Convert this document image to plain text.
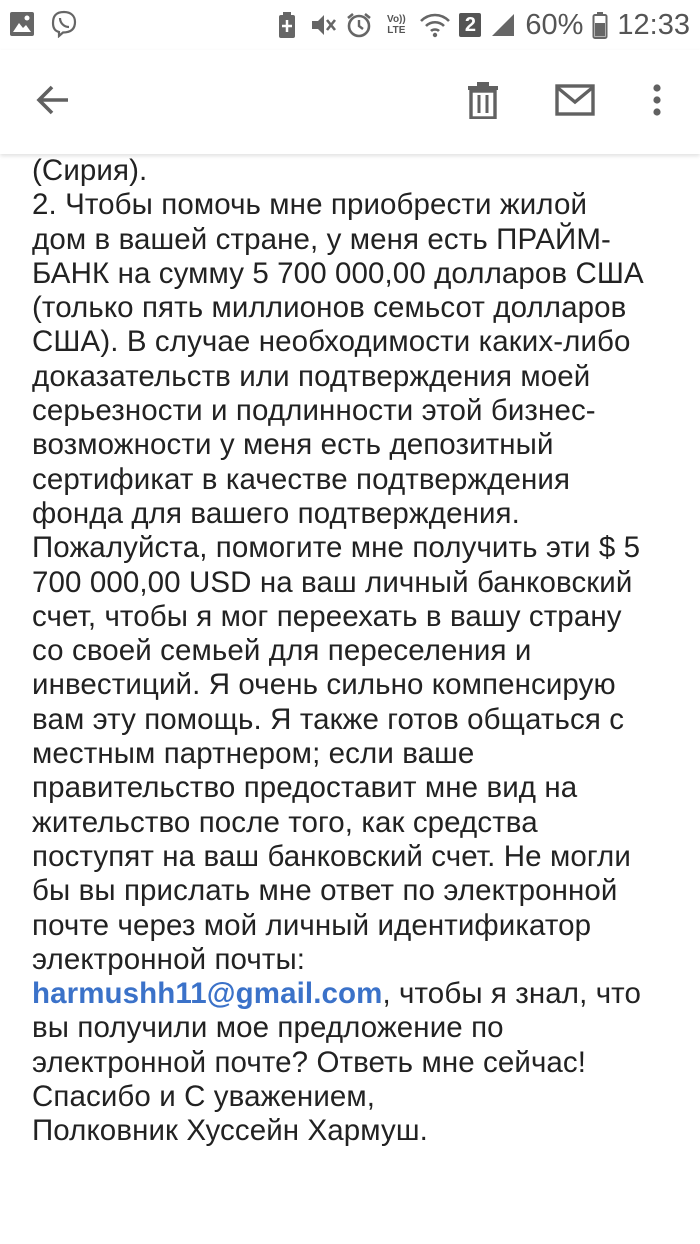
Vo))
LTE	2 60% 12:33

(Сирия).

2. Чтобы помочь мне приобрести жилой

дом в вашей стране, у меня есть ПРАЙМ-

БАНК на сумму 5 700 000,00 долларов США

(только пять миллионов семьсот долларов

США). В случае необходимости каких-либо

доказательств или подтверждения моей

серьезности и подлинности этой бизнес-

возможности у меня есть депозитный

сертификат в качестве подтверждения

фонда для вашего подтверждения.

Пожалуйста, помогите мне получить эти $ 5

700 000,00 USD на ваш личный банковский

счет, чтобы я мог переехать в вашу страну

со своей семьей для переселения и

инвестиций. Я очень сильно компенсирую

вам эту помощь. Я также готов общаться с

местным партнером; если ваше

правительство предоставит мне вид на

жительство после того, как средства

поступят на ваш банковский счет. Не могли

бы вы прислать мне ответ по электронной

почте через мой личный идентификатор

электронной почты:

harmushh11@gmail.com, чтобы я знал, что

вы получили мое предложение по

электронной почте? Ответь мне сейчас!

Спасибо и С уважением,

Полковник Хуссейн Хармуш.
